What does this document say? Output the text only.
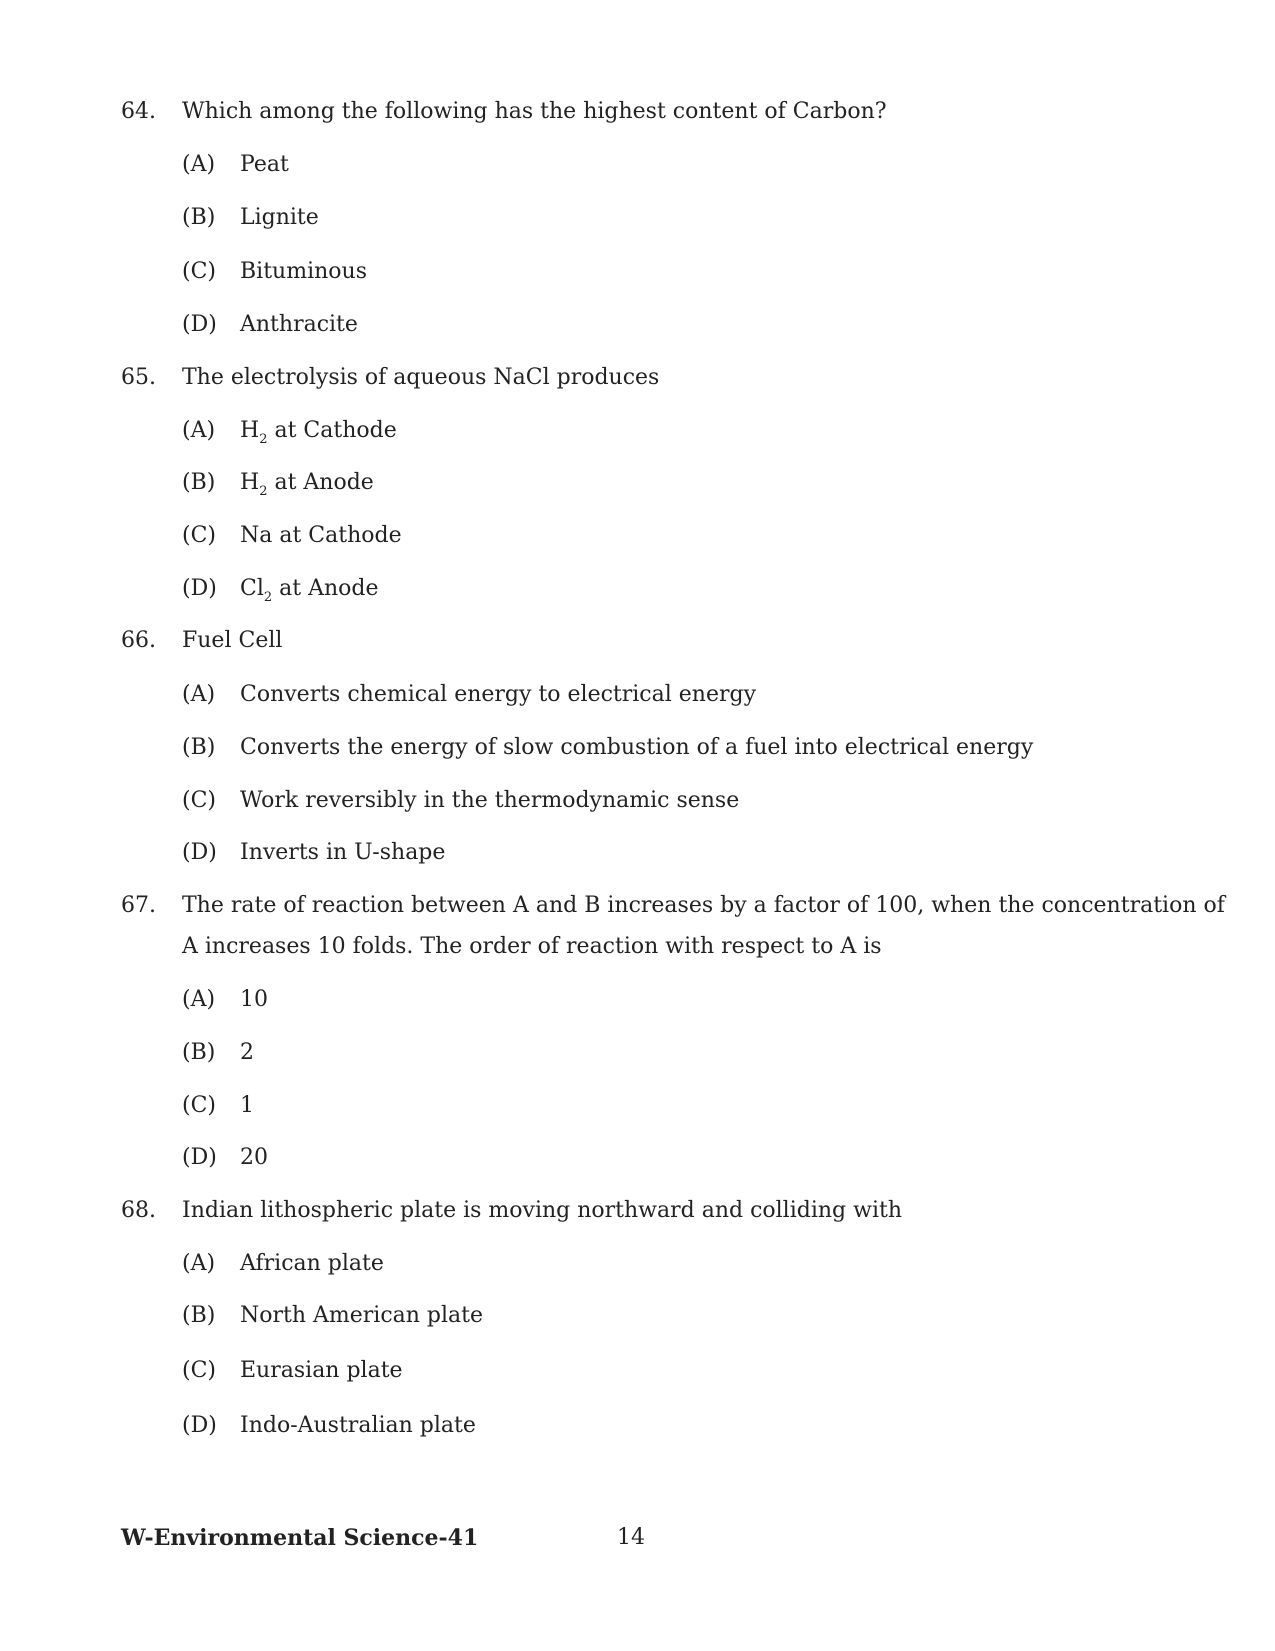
64. Which among the following has the highest content of Carbon?
(A) Peat
(B) Lignite
(C) Bituminous
(D) Anthracite
65. The electrolysis of aqueous NaCl produces
(A) $H_2$ at Cathode
(B) $H_2$ at Anode
(C) Na at Cathode
(D) $Cl_2$ at Anode
66. Fuel Cell
(A) Converts chemical energy to electrical energy
(B) Converts the energy of slow combustion of a fuel into electrical energy
(C) Work reversibly in the thermodynamic sense
(D) Inverts in U-shape
67. The rate of reaction between A and B increases by a factor of 100, when the concentration of
A increases 10 folds. The order of reaction with respect to A is
(A) 10
(B) 2
(C) 1
(D) 20
68. Indian lithospheric plate is moving northward and colliding with
(A) African plate
(B) North American plate
(C) Eurasian plate
(D) Indo-Australian plate
W-Environmental Science-41	14
